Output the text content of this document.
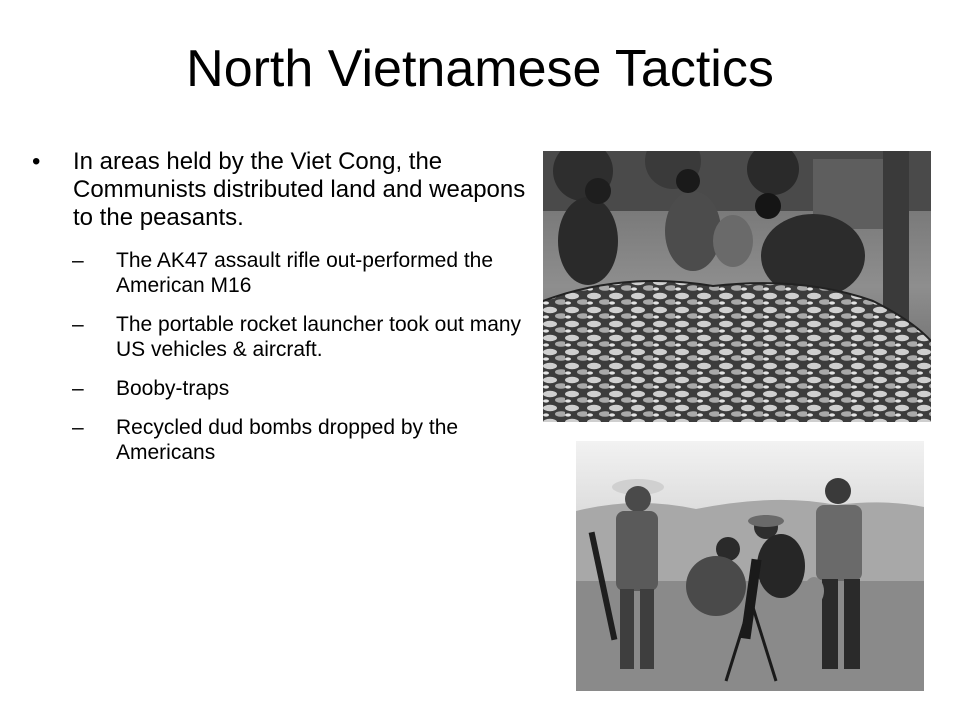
North Vietnamese Tactics
• In areas held by the Viet Cong, the Communists distributed land and weapons to the peasants.
– The AK47 assault rifle out-performed the American M16
– The portable rocket launcher took out many US vehicles & aircraft.
– Booby-traps
– Recycled dud bombs dropped by the Americans
